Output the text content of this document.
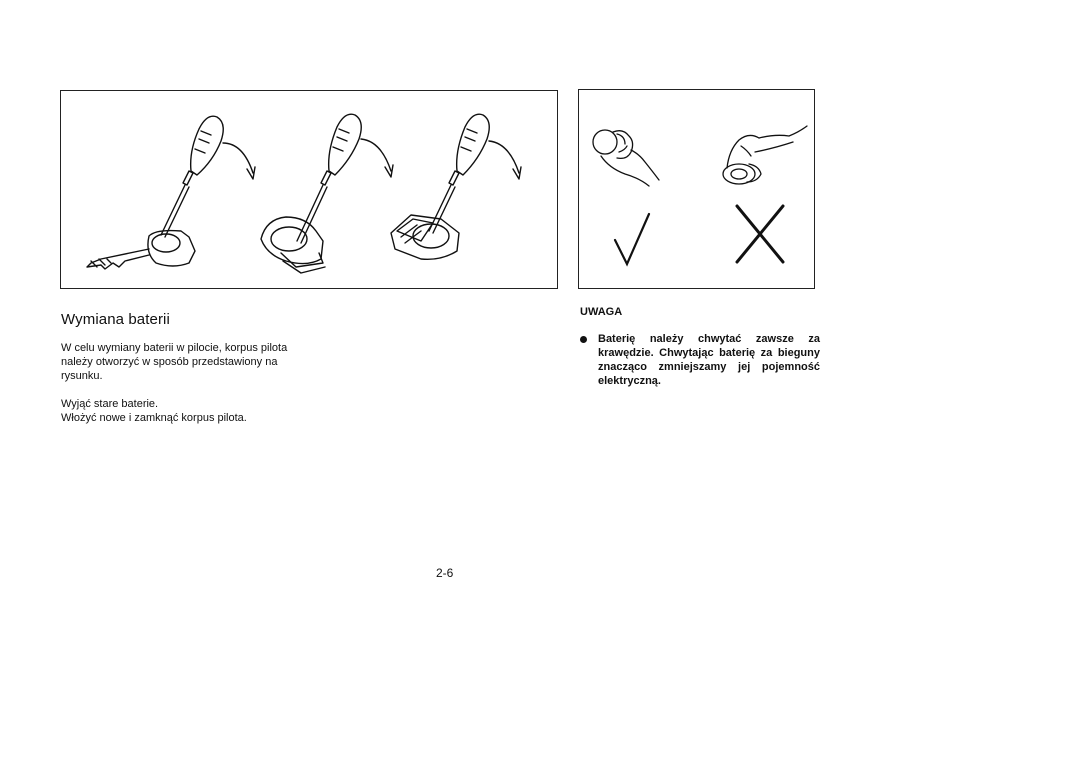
Wymiana baterii
W celu wymiany baterii w pilocie, korpus pilota należy otworzyć w sposób przedstawiony na rysunku.
Wyjąć stare baterie.
Włożyć nowe i zamknąć korpus pilota.
UWAGA
Baterię należy chwytać zawsze za krawędzie. Chwytając baterię za bieguny znacząco zmniejszamy jej pojemność elektryczną.
2-6
